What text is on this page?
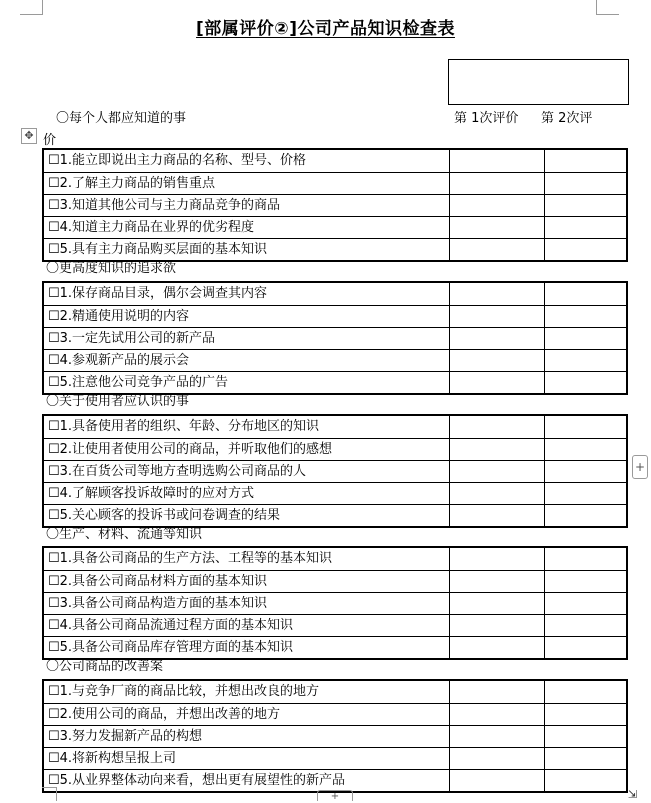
[部属评价②]公司产品知识检查表
〇每个人都应知道的事	第 1次评价 第 2次评
✥ 价
☐1.能立即说出主力商品的名称、型号、价格
☐2.了解主力商品的销售重点
☐3.知道其他公司与主力商品竞争的商品
☐4.知道主力商品在业界的优劣程度
☐5.具有主力商品购买层面的基本知识
〇更高度知识的追求欲
☐1.保存商品目录，偶尔会调查其内容
☐2.精通使用说明的内容
☐3.一定先试用公司的新产品
☐4.参观新产品的展示会
☐5.注意他公司竞争产品的广告
〇关于使用者应认识的事
☐1.具备使用者的组织、年龄、分布地区的知识
☐2.让使用者使用公司的商品，并听取他们的感想
☐3.在百货公司等地方查明选购公司商品的人
☐4.了解顾客投诉故障时的应对方式
☐5.关心顾客的投诉书或问卷调查的结果
〇生产、材料、流通等知识
☐1.具备公司商品的生产方法、工程等的基本知识
☐2.具备公司商品材料方面的基本知识
☐3.具备公司商品构造方面的基本知识
☐4.具备公司商品流通过程方面的基本知识
☐5.具备公司商品库存管理方面的基本知识
〇公司商品的改善案
☐1.与竞争厂商的商品比较，并想出改良的地方
☐2.使用公司的商品，并想出改善的地方
☐3.努力发掘新产品的构想
☐4.将新构想呈报上司
☐5.从业界整体动向来看，想出更有展望性的新产品
+
+	⇲
